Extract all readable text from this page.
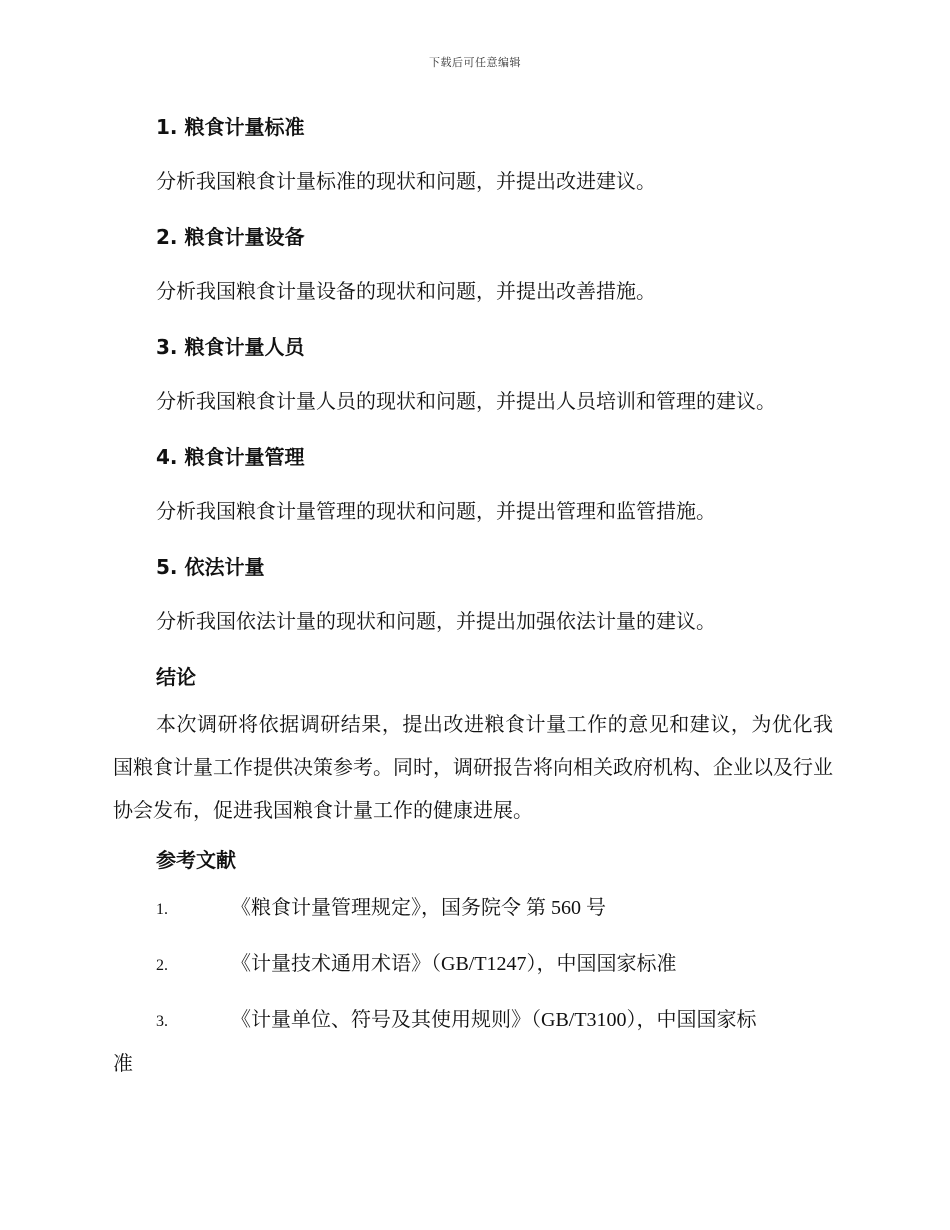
下载后可任意编辑
1. 粮食计量标准
分析我国粮食计量标准的现状和问题，并提出改进建议。
2. 粮食计量设备
分析我国粮食计量设备的现状和问题，并提出改善措施。
3. 粮食计量人员
分析我国粮食计量人员的现状和问题，并提出人员培训和管理的建议。
4. 粮食计量管理
分析我国粮食计量管理的现状和问题，并提出管理和监管措施。
5. 依法计量
分析我国依法计量的现状和问题，并提出加强依法计量的建议。
结论
本次调研将依据调研结果，提出改进粮食计量工作的意见和建议，为优化我国粮食计量工作提供决策参考。同时，调研报告将向相关政府机构、企业以及行业协会发布，促进我国粮食计量工作的健康进展。
参考文献
1.	《粮食计量管理规定》，国务院令 第 560 号
2.	《计量技术通用术语》（GB/T1247），中国国家标准
3.	《计量单位、符号及其使用规则》（GB/T3100），中国国家标
准
